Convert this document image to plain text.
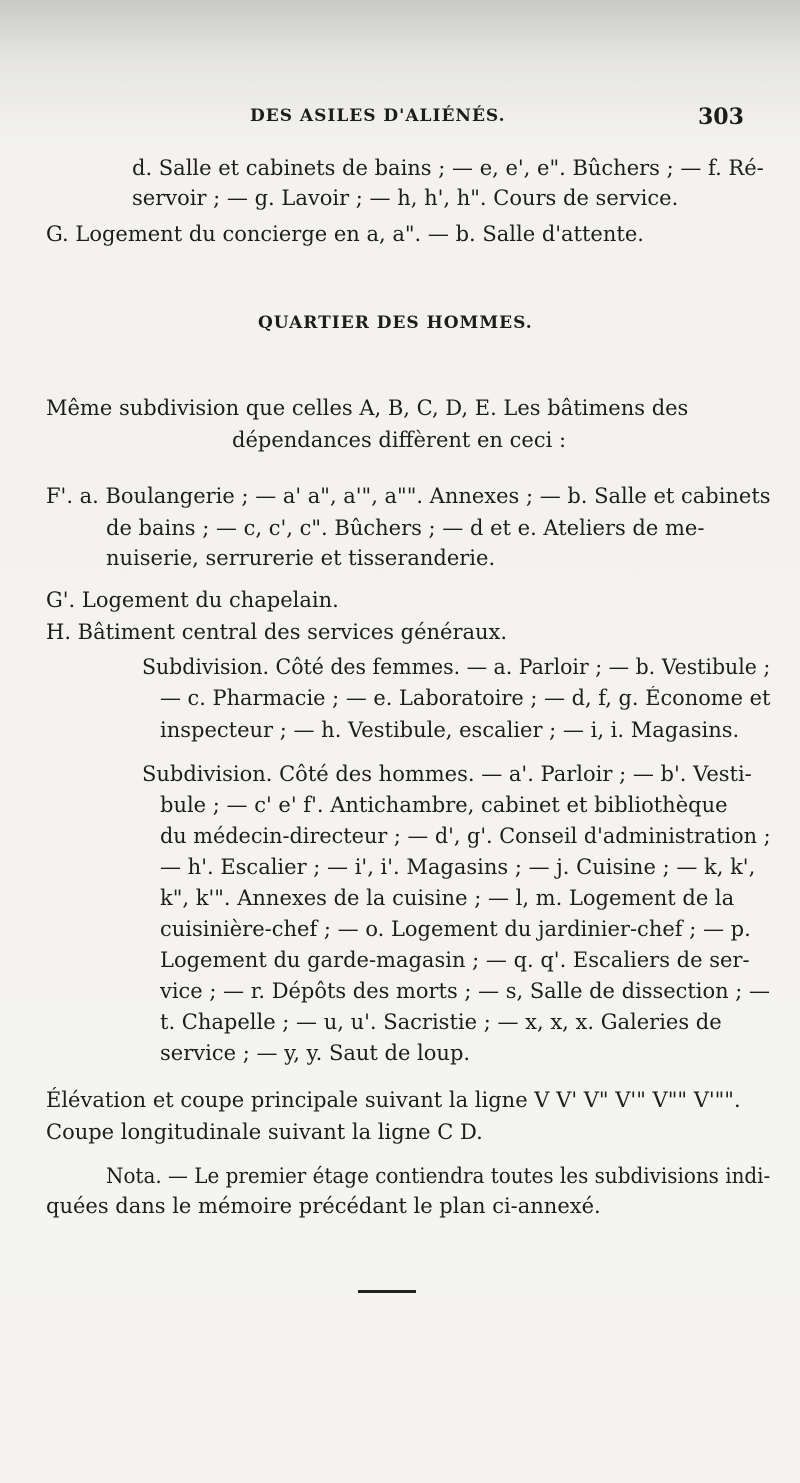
DES ASILES D'ALIÉNÉS.	303
d. Salle et cabinets de bains ; — e, e', e". Bûchers ; — f. Ré-
servoir ; — g. Lavoir ; — h, h', h". Cours de service.
G. Logement du concierge en a, a". — b. Salle d'attente.
QUARTIER DES HOMMES.
Même subdivision que celles A, B, C, D, E. Les bâtimens des
dépendances diffèrent en ceci :
F'. a. Boulangerie ; — a' a", a'", a"". Annexes ; — b. Salle et cabinets
de bains ; — c, c', c". Bûchers ; — d et e. Ateliers de me-
nuiserie, serrurerie et tisseranderie.
G'. Logement du chapelain.
H. Bâtiment central des services généraux.
Subdivision. Côté des femmes. — a. Parloir ; — b. Vestibule ;
— c. Pharmacie ; — e. Laboratoire ; — d, f, g. Économe et
inspecteur ; — h. Vestibule, escalier ; — i, i. Magasins.
Subdivision. Côté des hommes. — a'. Parloir ; — b'. Vesti-
bule ; — c' e' f'. Antichambre, cabinet et bibliothèque
du médecin-directeur ; — d', g'. Conseil d'administration ;
— h'. Escalier ; — i', i'. Magasins ; — j. Cuisine ; — k, k',
k", k'". Annexes de la cuisine ; — l, m. Logement de la
cuisinière-chef ; — o. Logement du jardinier-chef ; — p.
Logement du garde-magasin ; — q. q'. Escaliers de ser-
vice ; — r. Dépôts des morts ; — s, Salle de dissection ; —
t. Chapelle ; — u, u'. Sacristie ; — x, x, x. Galeries de
service ; — y, y. Saut de loup.
Élévation et coupe principale suivant la ligne V V' V" V'" V"" V'"".
Coupe longitudinale suivant la ligne C D.
Nota. — Le premier étage contiendra toutes les subdivisions indi-
quées dans le mémoire précédant le plan ci-annexé.
